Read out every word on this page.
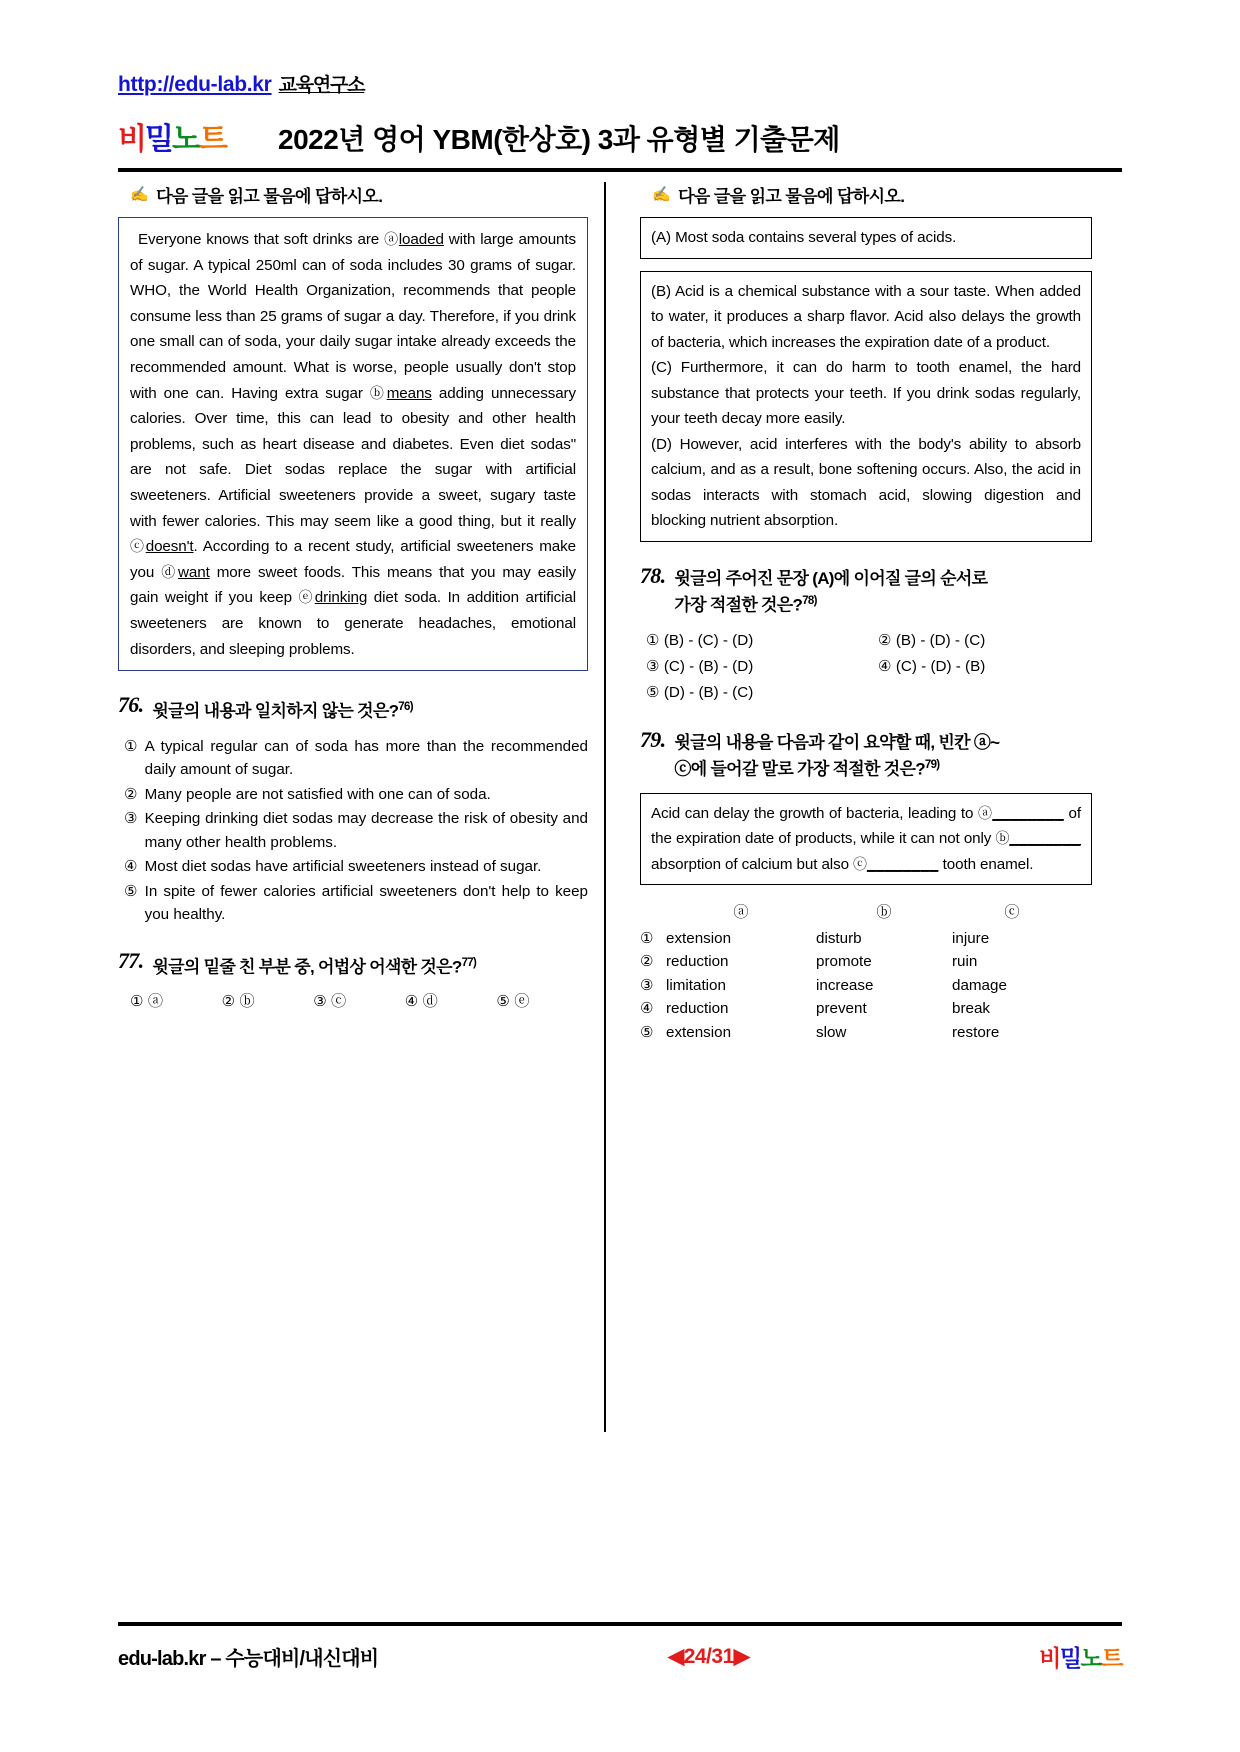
http://edu-lab.kr 교육연구소
비밀노트	2022년 영어 YBM(한상호) 3과 유형별 기출문제
✍ 다음 글을 읽고 물음에 답하시오.

Everyone knows that soft drinks are ⓐloaded with large amounts of sugar. A typical 250ml can of soda includes 30 grams of sugar. WHO, the World Health Organization, recommends that people consume less than 25 grams of sugar a day. Therefore, if you drink one small can of soda, your daily sugar intake already exceeds the recommended amount. What is worse, people usually don't stop with one can. Having extra sugar ⓑmeans adding unnecessary calories. Over time, this can lead to obesity and other health problems, such as heart disease and diabetes. Even diet sodas" are not safe. Diet sodas replace the sugar with artificial sweeteners. Artificial sweeteners provide a sweet, sugary taste with fewer calories. This may seem like a good thing, but it really ⓒdoesn't. According to a recent study, artificial sweeteners make you ⓓwant more sweet foods. This means that you may easily gain weight if you keep ⓔdrinking diet soda. In addition artificial sweeteners are known to generate headaches, emotional disorders, and sleeping problems.

76. 윗글의 내용과 일치하지 않는 것은?$^{76)}$
① A typical regular can of soda has more than the recommended daily amount of sugar.
② Many people are not satisfied with one can of soda.
③ Keeping drinking diet sodas may decrease the risk of obesity and many other health problems.
④ Most diet sodas have artificial sweeteners instead of sugar.
⑤ In spite of fewer calories artificial sweeteners don't help to keep you healthy.
77. 윗글의 밑줄 친 부분 중, 어법상 어색한 것은?$^{77)}$
① ⓐ	② ⓑ	③ ⓒ	④ ⓓ	⑤ ⓔ
✍ 다음 글을 읽고 물음에 답하시오.

(A) Most soda contains several types of acids.

(B) Acid is a chemical substance with a sour taste. When added to water, it produces a sharp flavor. Acid also delays the growth of bacteria, which increases the expiration date of a product.

(C) Furthermore, it can do harm to tooth enamel, the hard substance that protects your teeth. If you drink sodas regularly, your teeth decay more easily.

(D) However, acid interferes with the body's ability to absorb calcium, and as a result, bone softening occurs. Also, the acid in sodas interacts with stomach acid, slowing digestion and blocking nutrient absorption.

78. 윗글의 주어진 문장 (A)에 이어질 글의 순서로
가장 적절한 것은?$^{78)}$
① (B) - (C) - (D)	② (B) - (D) - (C)
③ (C) - (B) - (D)	④ (C) - (D) - (B)
⑤ (D) - (B) - (C)
79. 윗글의 내용을 다음과 같이 요약할 때, 빈칸 ⓐ~
ⓒ에 들어갈 말로 가장 적절한 것은?$^{79)}$

Acid can delay the growth of bacteria, leading to ⓐ________ of the expiration date of products, while it can not only ⓑ________ absorption of calcium but also ⓒ________ tooth enamel.

ⓐ	ⓑ	ⓒ
① extension	disturb	injure
② reduction	promote	ruin
③ limitation	increase	damage
④ reduction	prevent	break
⑤ extension	slow	restore
edu-lab.kr – 수능대비/내신대비	◀24/31▶	비밀노트
